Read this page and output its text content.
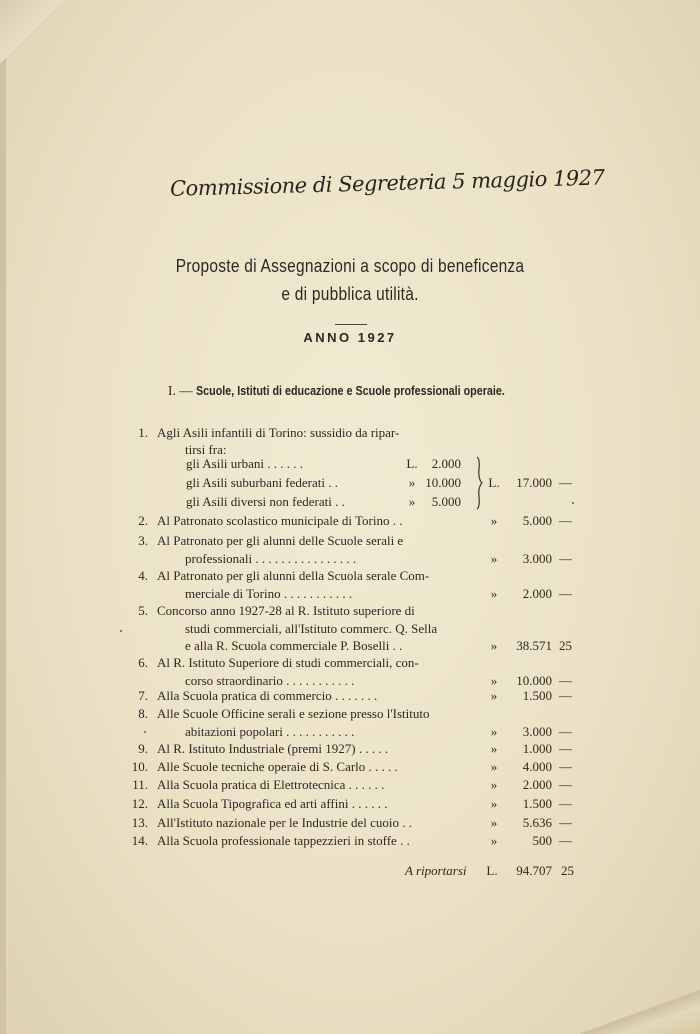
Commissione di Segreteria 5 maggio 1927
Proposte di Assegnazioni a scopo di beneficenza
e di pubblica utilità.
ANNO 1927
I. — Scuole, Istituti di educazione e Scuole professionali operaie.
1. Agli Asili infantili di Torino: sussidio da ripar-
tirsi fra:
gli Asili urbani . . . . . .	L. 2.000
gli Asili suburbani federati . .	» 10.000
gli Asili diversi non federati . .	» 5.000
L. 17.000 —
2. Al Patronato scolastico municipale di Torino . .	» 5.000 —
3. Al Patronato per gli alunni delle Scuole serali e
professionali . . . . . . . . . . . . . . . .	» 3.000 —
4. Al Patronato per gli alunni della Scuola serale Com-
merciale di Torino . . . . . . . . . . .	» 2.000 —
5. Concorso anno 1927-28 al R. Istituto superiore di
studi commerciali, all'Istituto commerc. Q. Sella
e alla R. Scuola commerciale P. Boselli . .	» 38.571 25
6. Al R. Istituto Superiore di studi commerciali, con-
corso straordinario . . . . . . . . . . .	» 10.000 —
7. Alla Scuola pratica di commercio . . . . . . .	» 1.500 —
8. Alle Scuole Officine serali e sezione presso l'Istituto
abitazioni popolari . . . . . . . . . . .	» 3.000 —
9. Al R. Istituto Industriale (premi 1927) . . . . .	» 1.000 —
10. Alle Scuole tecniche operaie di S. Carlo . . . . .	» 4.000 —
11. Alla Scuola pratica di Elettrotecnica . . . . . .	» 2.000 —
12. Alla Scuola Tipografica ed arti affini . . . . . .	» 1.500 —
13. All'Istituto nazionale per le Industrie del cuoio . .	» 5.636 —
14. Alla Scuola professionale tappezzieri in stoffe . .	»	500 —
A riportarsi L. 94.707 25
